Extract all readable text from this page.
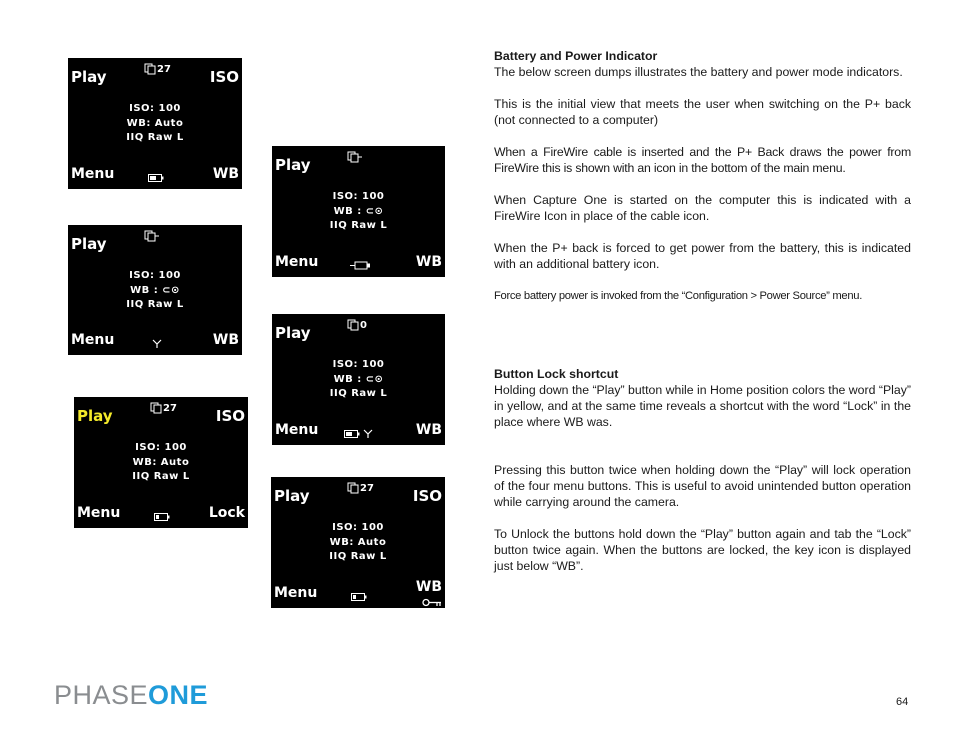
Play	27	ISO
ISO: 100
WB: Auto
IIQ Raw L
Menu	WB
Play
ISO: 100
WB : ⊂⊙
IIQ Raw L
Menu	WB
Play
ISO: 100
WB : ⊂⊙
IIQ Raw L
Menu	WB
Play	0
ISO: 100
WB : ⊂⊙
IIQ Raw L
Menu
	WB
Play	27	ISO
ISO: 100
WB: Auto
IIQ Raw L
Menu	Lock
Play	27	ISO
ISO: 100
WB: Auto
IIQ Raw L
Menu	WB

Battery and Power Indicator

The below screen dumps illustrates the battery and power mode indicators.

This is the initial view that meets the user when switching on the P+ back (not connected to a computer)

When a FireWire cable is inserted and the P+ Back draws the power from FireWire this is shown with an icon in the bottom of the main menu.

When Capture One is started on the computer this is indicated with a FireWire Icon in place of the cable icon.

When the P+ back is forced to get power from the battery, this is indicated with an additional battery icon.

Force battery power is invoked from the “Configuration > Power Source” menu.

Button Lock shortcut

Holding down the “Play” button while in Home position colors the word “Play” in yellow, and at the same time reveals a shortcut with the word “Lock” in the place where WB was.

Pressing this button twice when holding down the “Play” will lock operation of the four menu buttons. This is useful to avoid unintended button operation while carrying around the camera.

To Unlock the buttons hold down the “Play” button again and tab the “Lock” button twice again. When the buttons are locked, the key icon is displayed just below “WB”.

PHASEONE	64
